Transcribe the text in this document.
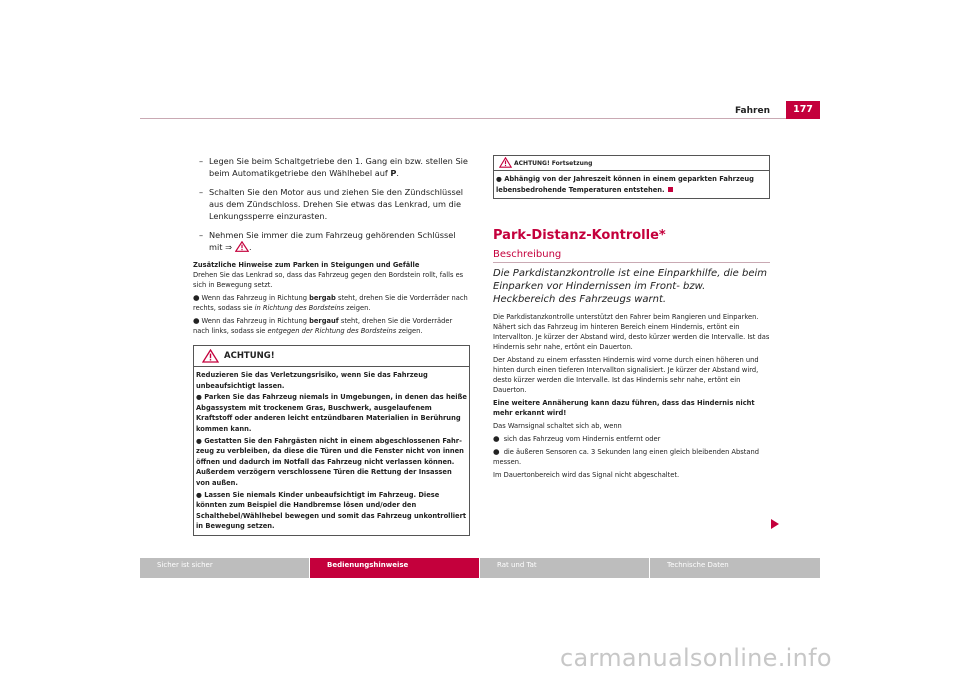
Fahren	177
– Legen Sie beim Schaltgetriebe den 1. Gang ein bzw. stellen Sie beim Automatikgetriebe den Wählhebel auf P.
– Schalten Sie den Motor aus und ziehen Sie den Zündschlüssel aus dem Zündschloss. Drehen Sie etwas das Lenkrad, um die Lenkungssperre einzurasten.
– Nehmen Sie immer die zum Fahrzeug gehörenden Schlüssel mit ⇒ .
Zusätzliche Hinweise zum Parken in Steigungen und Gefälle

Drehen Sie das Lenkrad so, dass das Fahrzeug gegen den Bordstein rollt, falls es sich in Bewegung setzt.

● Wenn das Fahrzeug in Richtung bergab steht, drehen Sie die Vorderräder nach rechts, sodass sie in Richtung des Bordsteins zeigen.

● Wenn das Fahrzeug in Richtung bergauf steht, drehen Sie die Vorderräder nach links, sodass sie entgegen der Richtung des Bordsteins zeigen.

ACHTUNG!

Reduzieren Sie das Verletzungsrisiko, wenn Sie das Fahrzeug unbeaufsichtigt lassen.

● Parken Sie das Fahrzeug niemals in Umgebungen, in denen das heiße Abgassystem mit trockenem Gras, Buschwerk, ausgelaufenem Kraftstoff oder anderen leicht entzündbaren Materialien in Berührung kommen kann.

● Gestatten Sie den Fahrgästen nicht in einem abgeschlossenen Fahrzeug zu verbleiben, da diese die Türen und die Fenster nicht von innen öffnen und dadurch im Notfall das Fahrzeug nicht verlassen können. Außerdem verzögern verschlossene Türen die Rettung der Insassen von außen.

● Lassen Sie niemals Kinder unbeaufsichtigt im Fahrzeug. Diese könnten zum Beispiel die Handbremse lösen und/oder den Schalthebel/Wählhebel bewegen und somit das Fahrzeug unkontrolliert in Bewegung setzen.

ACHTUNG! Fortsetzung

● Abhängig von der Jahreszeit können in einem geparkten Fahrzeug lebensbedrohende Temperaturen entstehen.

Park-Distanz-Kontrolle*
Beschreibung
Die Parkdistanzkontrolle ist eine Einparkhilfe, die beim Einparken vor Hindernissen im Front- bzw. Heckbereich des Fahrzeugs warnt.

Die Parkdistanzkontrolle unterstützt den Fahrer beim Rangieren und Einparken. Nähert sich das Fahrzeug im hinteren Bereich einem Hindernis, ertönt ein Intervallton. Je kürzer der Abstand wird, desto kürzer werden die Intervalle. Ist das Hindernis sehr nahe, ertönt ein Dauerton.

Der Abstand zu einem erfassten Hindernis wird vorne durch einen höheren und hinten durch einen tieferen Intervallton signalisiert. Je kürzer der Abstand wird, desto kürzer werden die Intervalle. Ist das Hindernis sehr nahe, ertönt ein Dauerton.

Eine weitere Annäherung kann dazu führen, dass das Hindernis nicht mehr erkannt wird!

Das Warnsignal schaltet sich ab, wenn

● sich das Fahrzeug vom Hindernis entfernt oder

● die äußeren Sensoren ca. 3 Sekunden lang einen gleich bleibenden Abstand messen.

Im Dauertonbereich wird das Signal nicht abgeschaltet.

Sicher ist sicher	Bedienungshinweise	Rat und Tat	Technische Daten
carmanualsonline.info
